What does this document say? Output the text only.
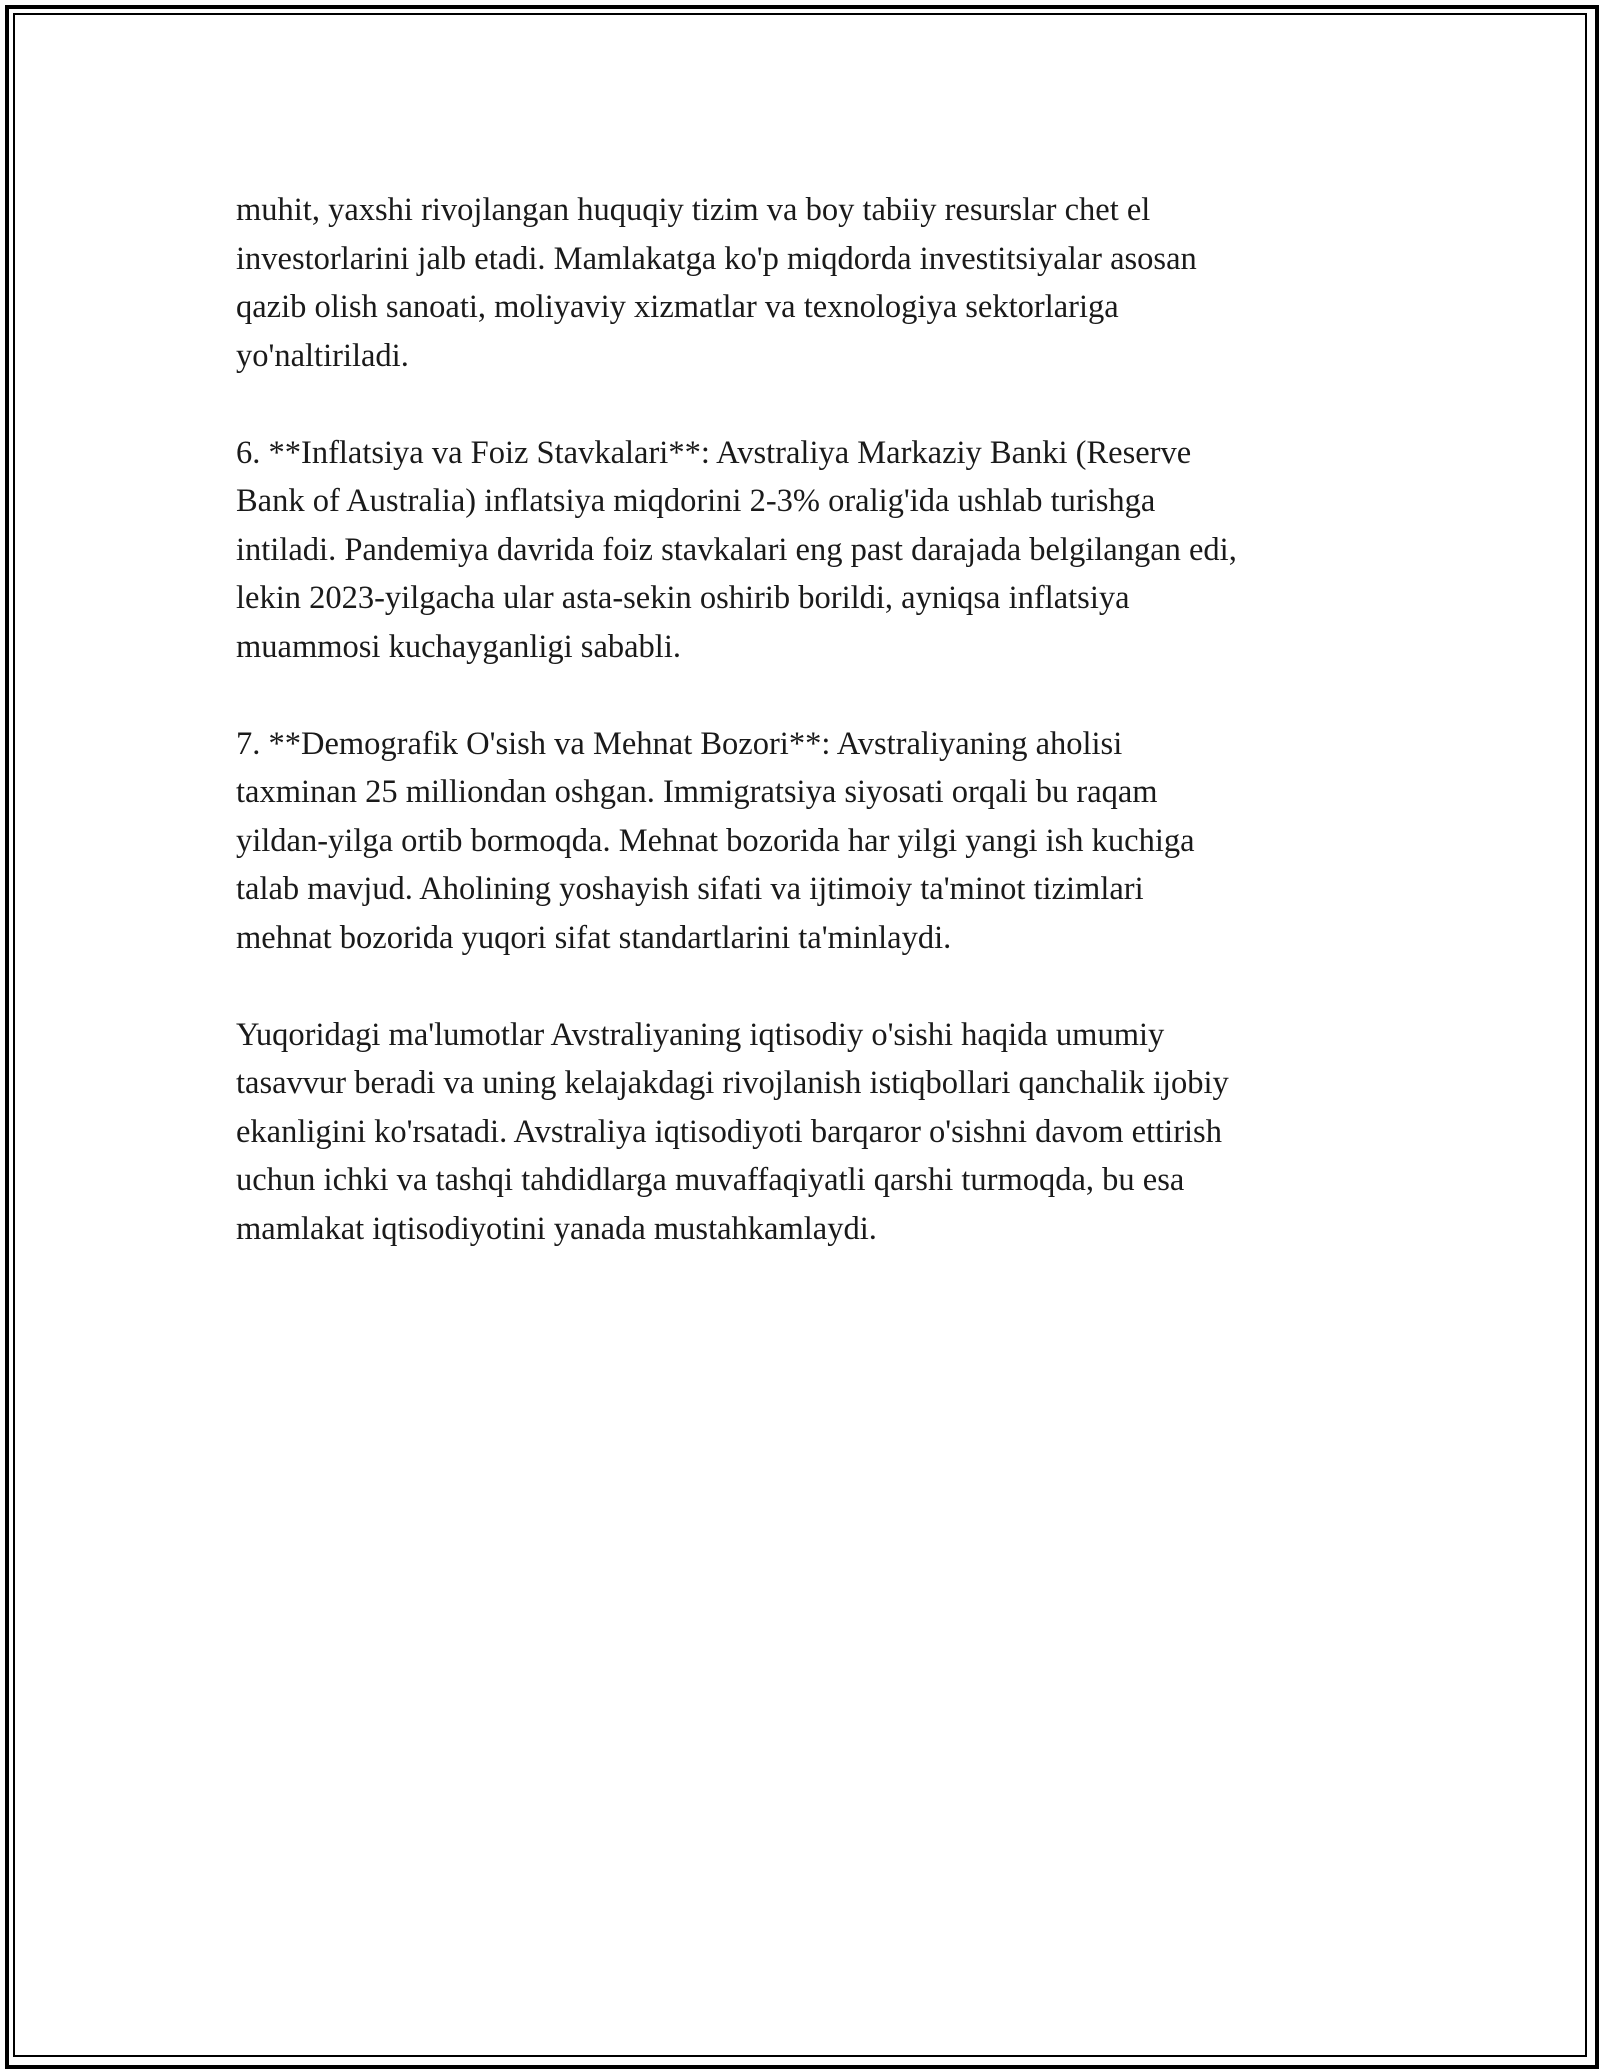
muhit, yaxshi rivojlangan huquqiy tizim va boy tabiiy resurslar chet el
investorlarini jalb etadi. Mamlakatga ko'p miqdorda investitsiyalar asosan
qazib olish sanoati, moliyaviy xizmatlar va texnologiya sektorlariga
yo'naltiriladi.

6. **Inflatsiya va Foiz Stavkalari**: Avstraliya Markaziy Banki (Reserve
Bank of Australia) inflatsiya miqdorini 2-3% oralig'ida ushlab turishga
intiladi. Pandemiya davrida foiz stavkalari eng past darajada belgilangan edi,
lekin 2023-yilgacha ular asta-sekin oshirib borildi, ayniqsa inflatsiya
muammosi kuchayganligi sababli.

7. **Demografik O'sish va Mehnat Bozori**: Avstraliyaning aholisi
taxminan 25 milliondan oshgan. Immigratsiya siyosati orqali bu raqam
yildan-yilga ortib bormoqda. Mehnat bozorida har yilgi yangi ish kuchiga
talab mavjud. Aholining yoshayish sifati va ijtimoiy ta'minot tizimlari
mehnat bozorida yuqori sifat standartlarini ta'minlaydi.

Yuqoridagi ma'lumotlar Avstraliyaning iqtisodiy o'sishi haqida umumiy
tasavvur beradi va uning kelajakdagi rivojlanish istiqbollari qanchalik ijobiy
ekanligini ko'rsatadi. Avstraliya iqtisodiyoti barqaror o'sishni davom ettirish
uchun ichki va tashqi tahdidlarga muvaffaqiyatli qarshi turmoqda, bu esa
mamlakat iqtisodiyotini yanada mustahkamlaydi.
